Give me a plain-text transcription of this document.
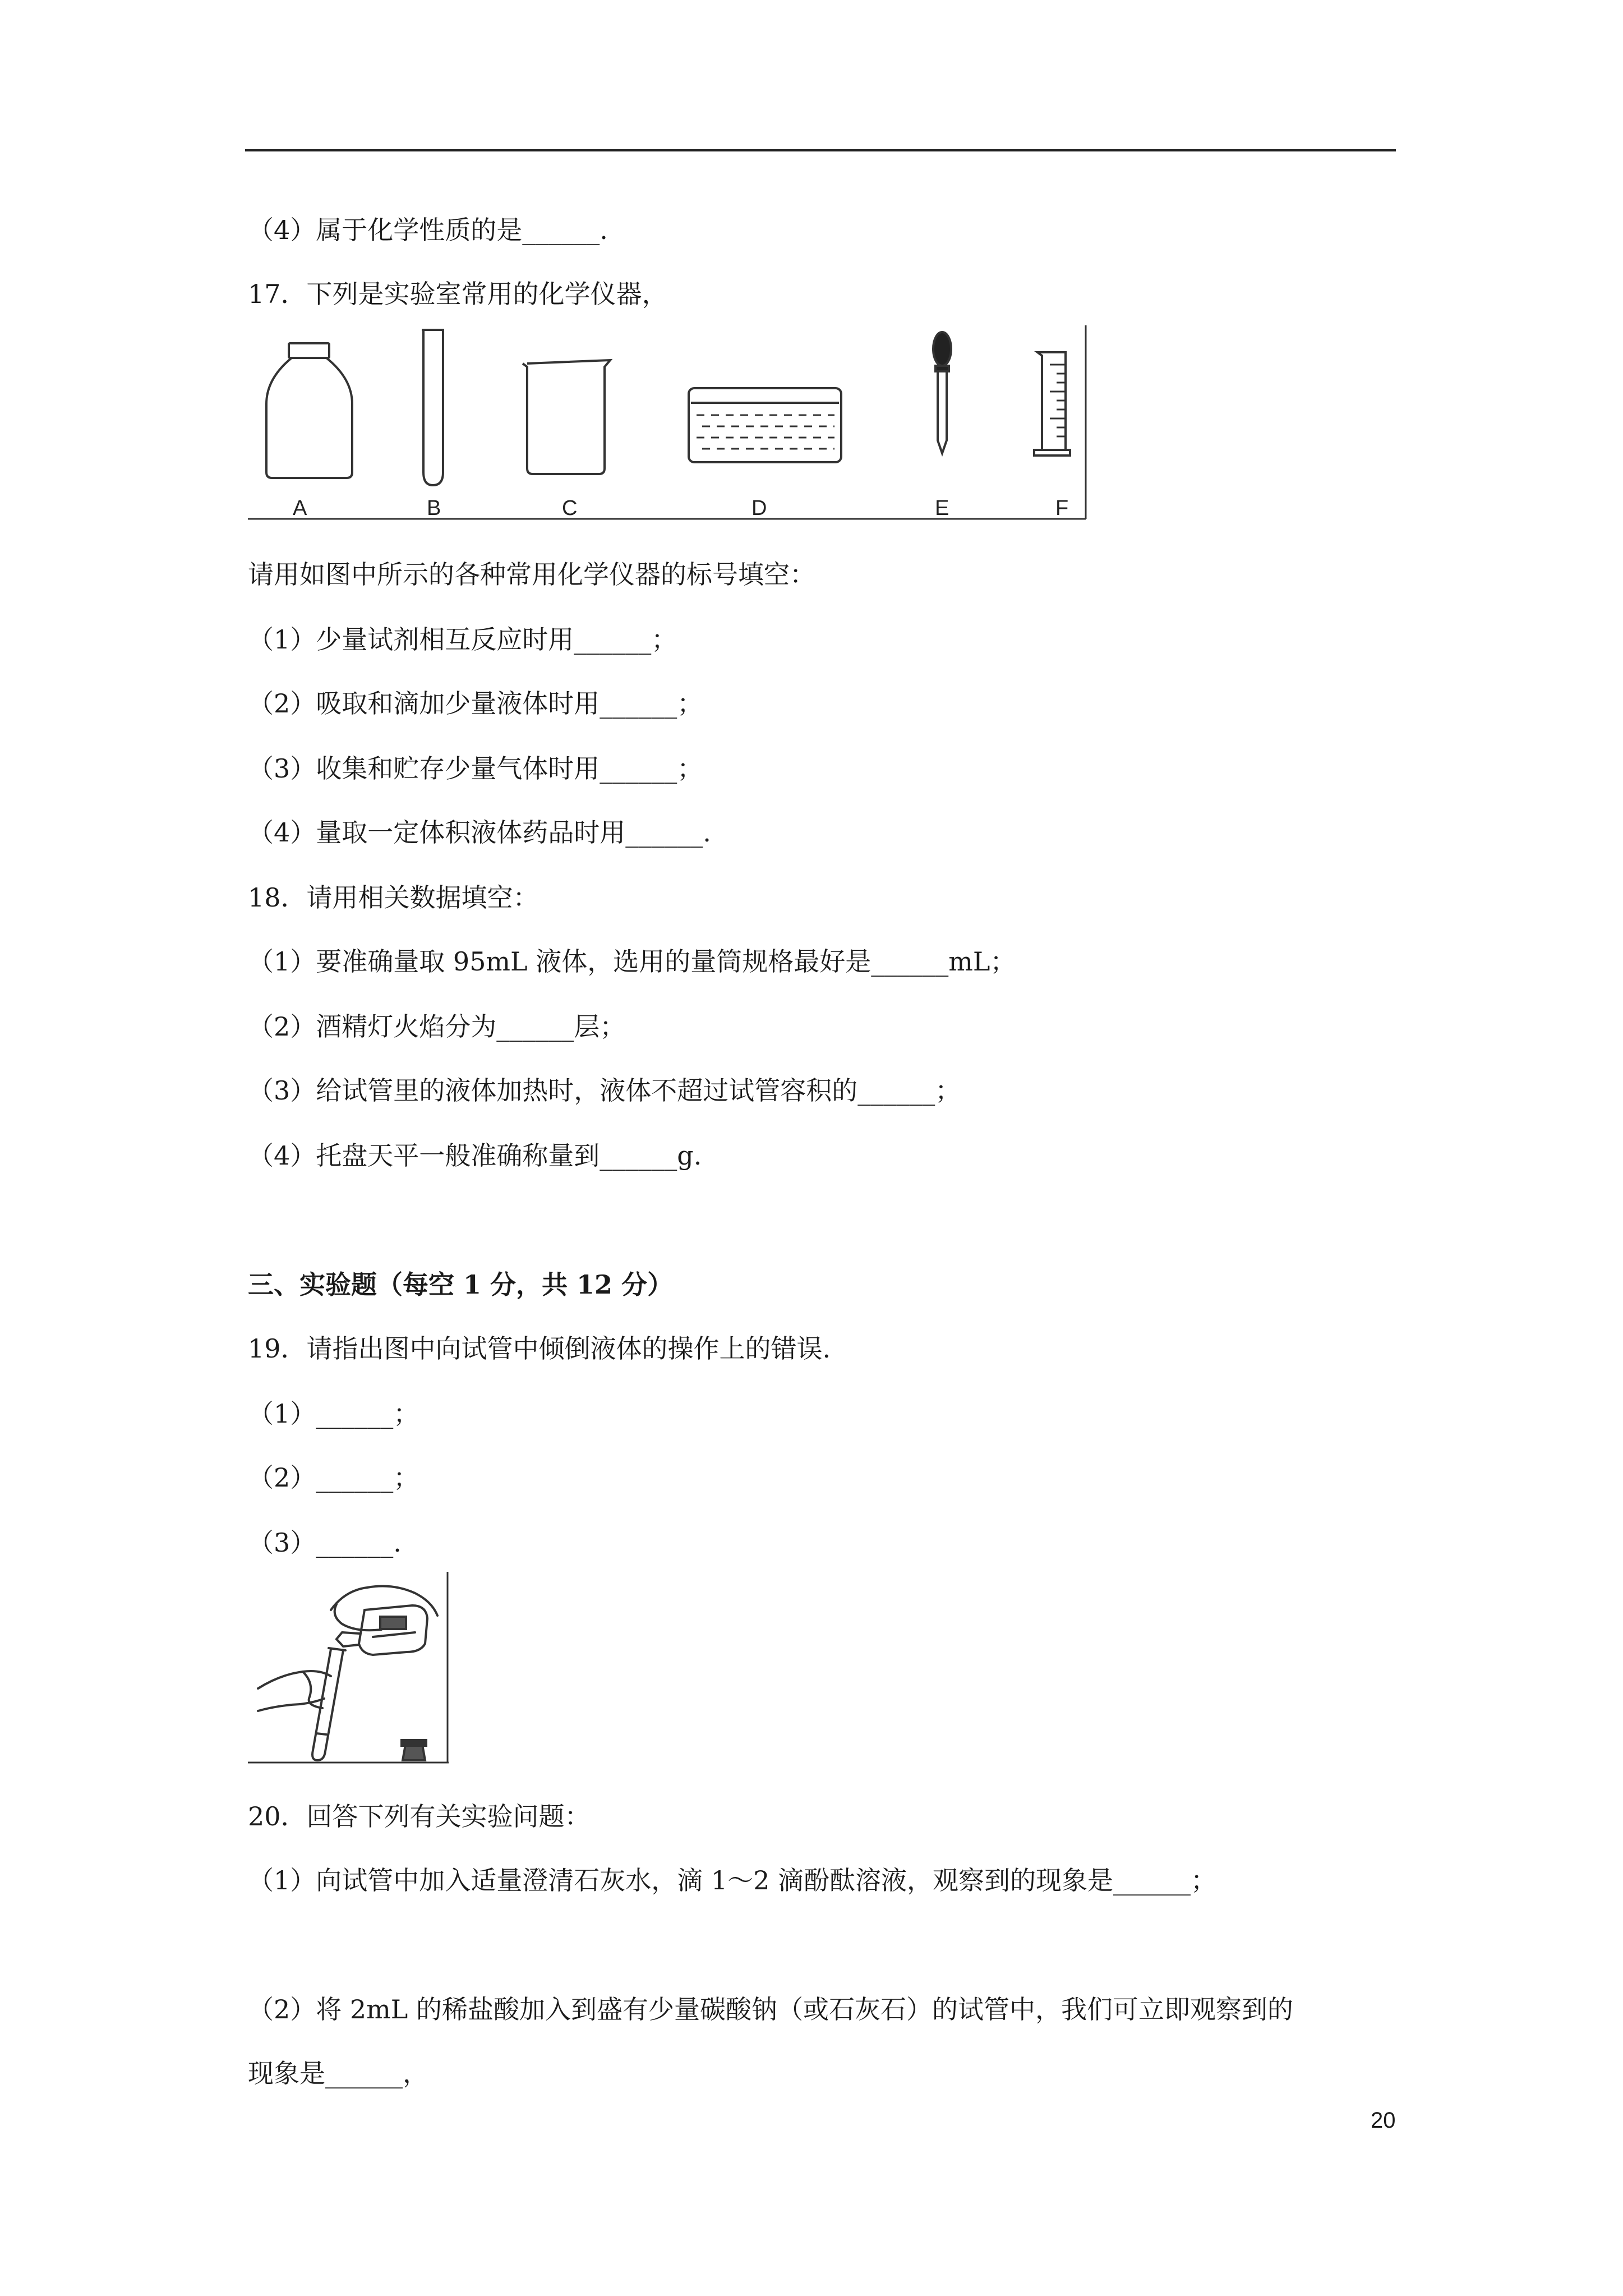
（4）属于化学性质的是______.
17．下列是实验室常用的化学仪器，
A	B	C	D	E	F
请用如图中所示的各种常用化学仪器的标号填空：
（1）少量试剂相互反应时用______；
（2）吸取和滴加少量液体时用______；
（3）收集和贮存少量气体时用______；
（4）量取一定体积液体药品时用______.
18．请用相关数据填空：
（1）要准确量取 95mL 液体，选用的量筒规格最好是______mL；
（2）酒精灯火焰分为______层；
（3）给试管里的液体加热时，液体不超过试管容积的______；
（4）托盘天平一般准确称量到______g.
三、实验题（每空 1 分，共 12 分）
19．请指出图中向试管中倾倒液体的操作上的错误.
（1）______；
（2）______；
（3）______.
20．回答下列有关实验问题：
（1）向试管中加入适量澄清石灰水，滴 1～2 滴酚酞溶液，观察到的现象是______；
（2）将 2mL 的稀盐酸加入到盛有少量碳酸钠（或石灰石）的试管中，我们可立即观察到的
现象是______，
20
